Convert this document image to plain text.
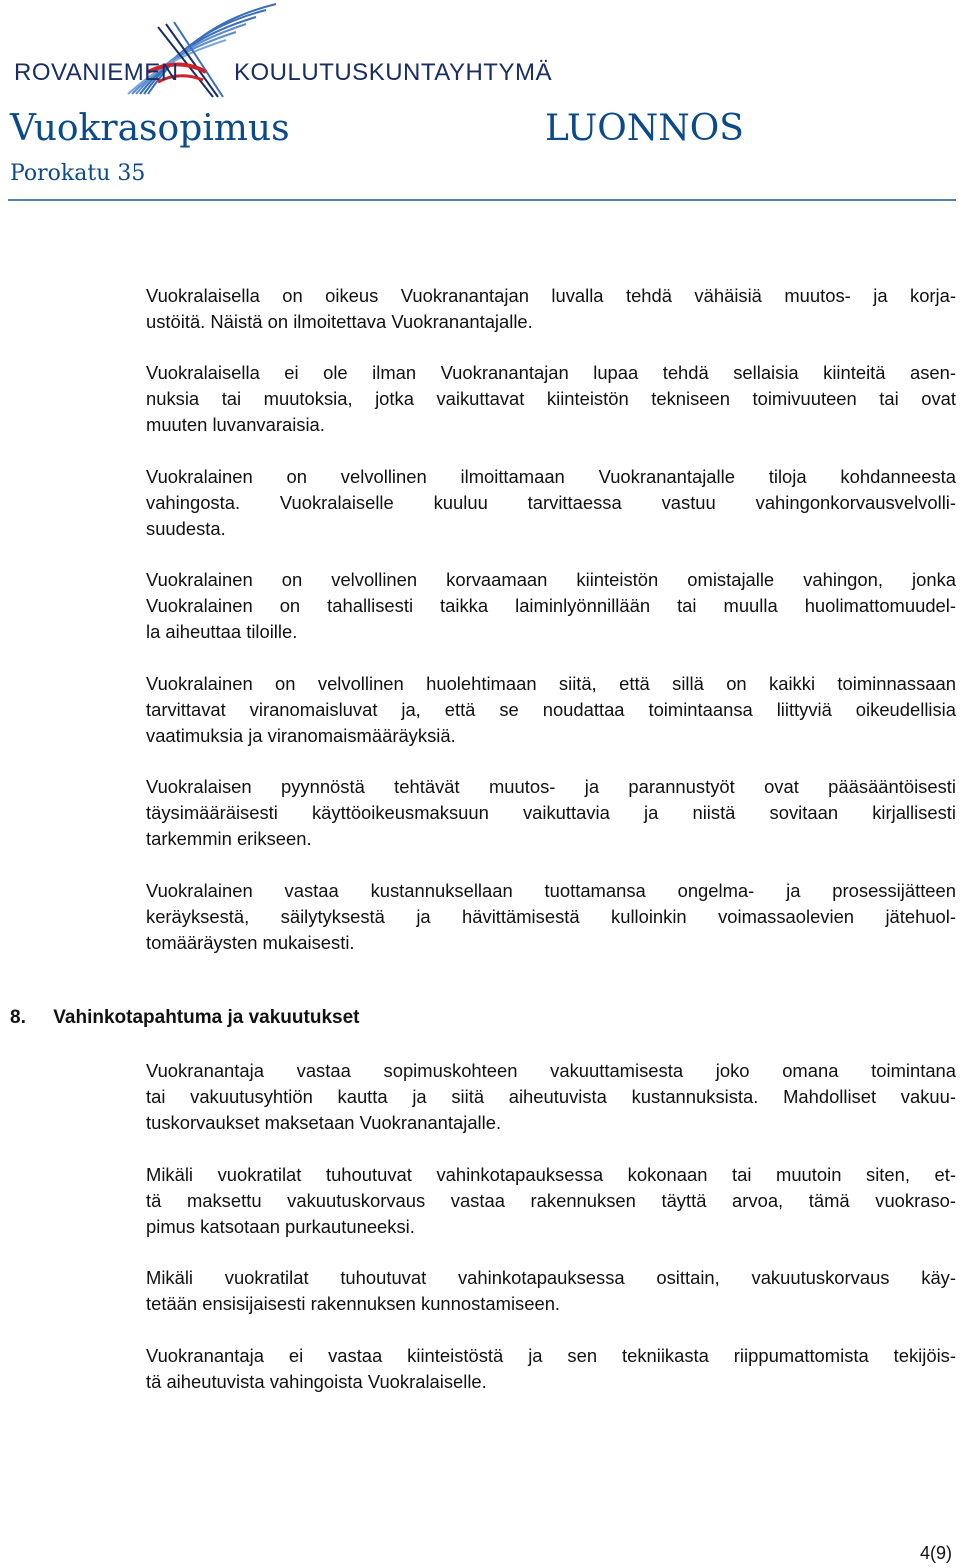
ROVANIEMEN KOULUTUSKUNTAYHTYMÄ
Vuokrasopimus	LUONNOS
Porokatu 35

Vuokralaisella on oikeus Vuokranantajan luvalla tehdä vähäisiä muutos- ja korja-
ustöitä. Näistä on ilmoitettava Vuokranantajalle.

Vuokralaisella ei ole ilman Vuokranantajan lupaa tehdä sellaisia kiinteitä asen-
nuksia tai muutoksia, jotka vaikuttavat kiinteistön tekniseen toimivuuteen tai ovat
muuten luvanvaraisia.

Vuokralainen on velvollinen ilmoittamaan Vuokranantajalle tiloja kohdanneesta
vahingosta. Vuokralaiselle kuuluu tarvittaessa vastuu vahingonkorvausvelvolli-
suudesta.

Vuokralainen on velvollinen korvaamaan kiinteistön omistajalle vahingon, jonka
Vuokralainen on tahallisesti taikka laiminlyönnillään tai muulla huolimattomuudel-
la aiheuttaa tiloille.

Vuokralainen on velvollinen huolehtimaan siitä, että sillä on kaikki toiminnassaan
tarvittavat viranomaisluvat ja, että se noudattaa toimintaansa liittyviä oikeudellisia
vaatimuksia ja viranomaismääräyksiä.

Vuokralaisen pyynnöstä tehtävät muutos- ja parannustyöt ovat pääsääntöisesti
täysimääräisesti käyttöoikeusmaksuun vaikuttavia ja niistä sovitaan kirjallisesti
tarkemmin erikseen.

Vuokralainen vastaa kustannuksellaan tuottamansa ongelma- ja prosessijätteen
keräyksestä, säilytyksestä ja hävittämisestä kulloinkin voimassaolevien jätehuol-
tomääräysten mukaisesti.

8. Vahinkotapahtuma ja vakuutukset

Vuokranantaja vastaa sopimuskohteen vakuuttamisesta joko omana toimintana
tai vakuutusyhtiön kautta ja siitä aiheutuvista kustannuksista. Mahdolliset vakuu-
tuskorvaukset maksetaan Vuokranantajalle.

Mikäli vuokratilat tuhoutuvat vahinkotapauksessa kokonaan tai muutoin siten, et-
tä maksettu vakuutuskorvaus vastaa rakennuksen täyttä arvoa, tämä vuokraso-
pimus katsotaan purkautuneeksi.

Mikäli vuokratilat tuhoutuvat vahinkotapauksessa osittain, vakuutuskorvaus käy-
tetään ensisijaisesti rakennuksen kunnostamiseen.

Vuokranantaja ei vastaa kiinteistöstä ja sen tekniikasta riippumattomista tekijöis-
tä aiheutuvista vahingoista Vuokralaiselle.

4(9)
